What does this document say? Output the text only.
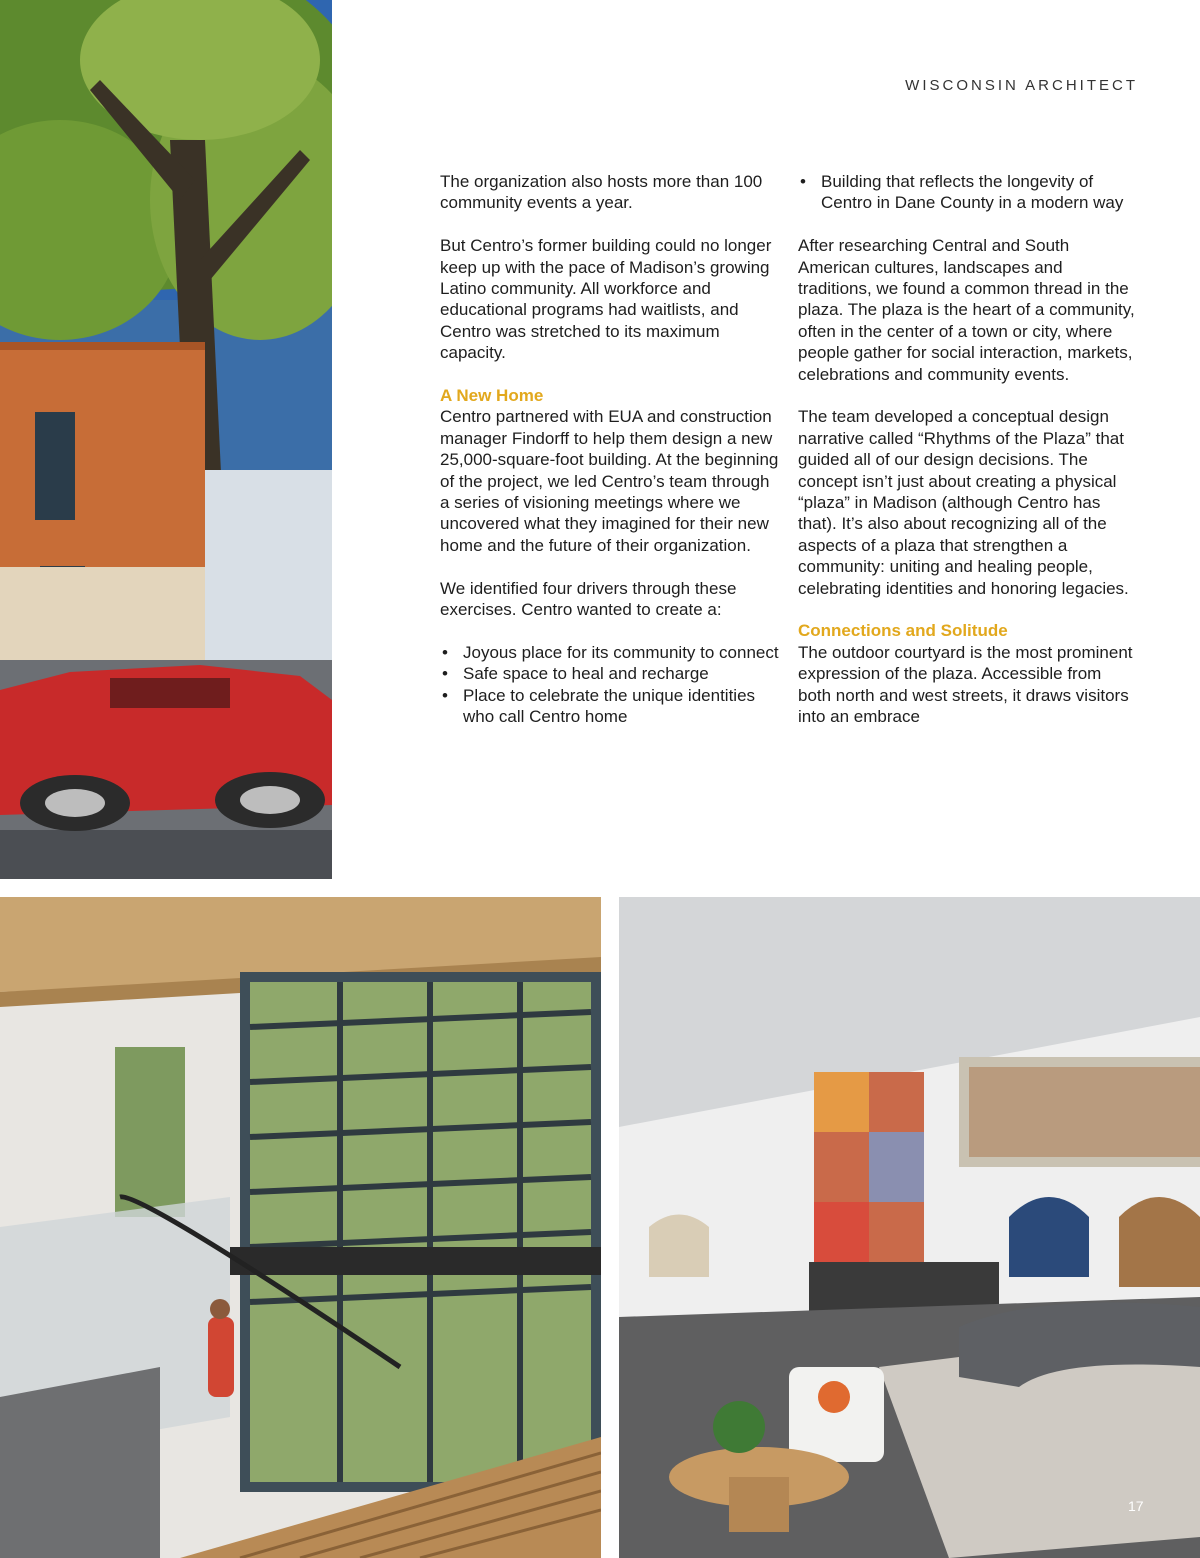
WISCONSIN ARCHITECT

The organization also hosts more than 100 community events a year.

But Centro’s former building could no longer keep up with the pace of Madison’s growing Latino community. All workforce and educational programs had waitlists, and Centro was stretched to its maximum capacity.

A New Home

Centro partnered with EUA and construction manager Findorff to help them design a new 25,000-square-foot building. At the beginning of the project, we led Centro’s team through a series of visioning meetings where we uncovered what they imagined for their new home and the future of their organization.

We identified four drivers through these exercises. Centro wanted to create a:

• Joyous place for its community to connect
• Safe space to heal and recharge
• Place to celebrate the unique identities who call Centro home
• Building that reflects the longevity of Centro in Dane County in a modern way

After researching Central and South American cultures, landscapes and traditions, we found a common thread in the plaza. The plaza is the heart of a community, often in the center of a town or city, where people gather for social interaction, markets, celebrations and community events.

The team developed a conceptual design narrative called “Rhythms of the Plaza” that guided all of our design decisions. The concept isn’t just about creating a physical “plaza” in Madison (although Centro has that). It’s also about recognizing all of the aspects of a plaza that strengthen a community: uniting and healing people, celebrating identities and honoring legacies.

Connections and Solitude

The outdoor courtyard is the most prominent expression of the plaza. Accessible from both north and west streets, it draws visitors into an embrace

17
